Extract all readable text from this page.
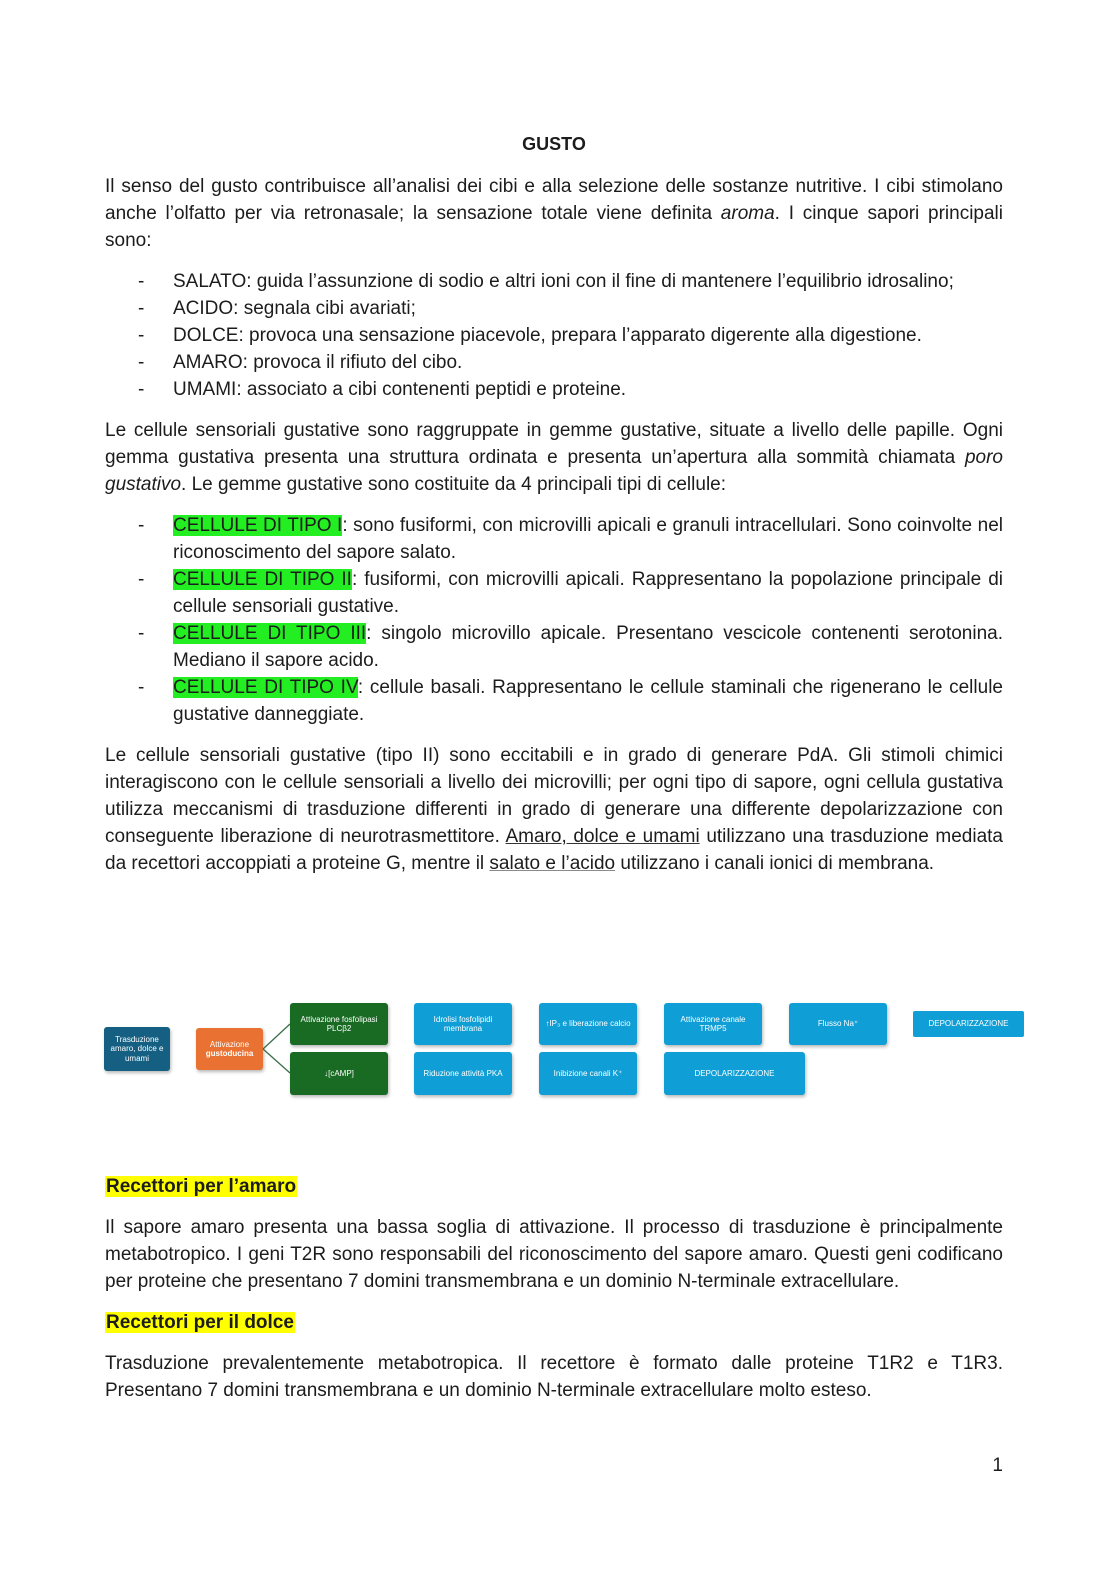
GUSTO

Il senso del gusto contribuisce all’analisi dei cibi e alla selezione delle sostanze nutritive. I cibi stimolano anche l’olfatto per via retronasale; la sensazione totale viene definita aroma. I cinque sapori principali sono:

- SALATO: guida l’assunzione di sodio e altri ioni con il fine di mantenere l’equilibrio idrosalino;
- ACIDO: segnala cibi avariati;
- DOLCE: provoca una sensazione piacevole, prepara l’apparato digerente alla digestione.
- AMARO: provoca il rifiuto del cibo.
- UMAMI: associato a cibi contenenti peptidi e proteine.

Le cellule sensoriali gustative sono raggruppate in gemme gustative, situate a livello delle papille. Ogni gemma gustativa presenta una struttura ordinata e presenta un’apertura alla sommità chiamata poro gustativo. Le gemme gustative sono costituite da 4 principali tipi di cellule:

- CELLULE DI TIPO I: sono fusiformi, con microvilli apicali e granuli intracellulari. Sono coinvolte nel riconoscimento del sapore salato.
- CELLULE DI TIPO II: fusiformi, con microvilli apicali. Rappresentano la popolazione principale di cellule sensoriali gustative.
- CELLULE DI TIPO III: singolo microvillo apicale. Presentano vescicole contenenti serotonina. Mediano il sapore acido.
- CELLULE DI TIPO IV: cellule basali. Rappresentano le cellule staminali che rigenerano le cellule gustative danneggiate.

Le cellule sensoriali gustative (tipo II) sono eccitabili e in grado di generare PdA. Gli stimoli chimici interagiscono con le cellule sensoriali a livello dei microvilli; per ogni tipo di sapore, ogni cellula gustativa utilizza meccanismi di trasduzione differenti in grado di generare una differente depolarizzazione con conseguente liberazione di neurotrasmettitore. Amaro, dolce e umami utilizzano una trasduzione mediata da recettori accoppiati a proteine G, mentre il salato e l’acido utilizzano i canali ionici di membrana.

Trasduzione amaro, dolce e umami
Attivazione
gustoducina
Attivazione fosfolipasi PLCβ2
Idrolisi fosfolipidi membrana
↑IP₃ e liberazione calcio
Attivazione canale TRMP5
Flusso Na⁺	DEPOLARIZZAZIONE
↓[cAMP]	Riduzione attività PKA	Inibizione canali K⁺	DEPOLARIZZAZIONE
Recettori per l’amaro

Il sapore amaro presenta una bassa soglia di attivazione. Il processo di trasduzione è principalmente metabotropico. I geni T2R sono responsabili del riconoscimento del sapore amaro. Questi geni codificano per proteine che presentano 7 domini transmembrana e un dominio N-terminale extracellulare.

Recettori per il dolce

Trasduzione prevalentemente metabotropica. Il recettore è formato dalle proteine T1R2 e T1R3. Presentano 7 domini transmembrana e un dominio N-terminale extracellulare molto esteso.

1
